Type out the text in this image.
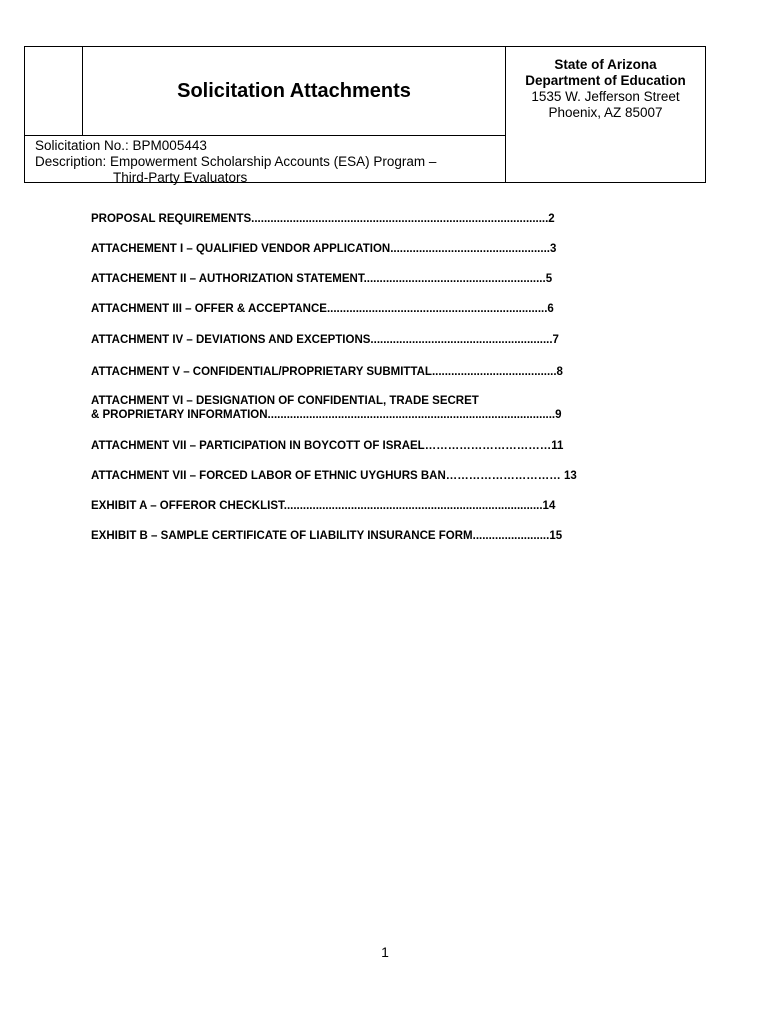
Solicitation Attachments
State of Arizona
Department of Education
1535 W. Jefferson Street
Phoenix, AZ 85007
Solicitation No.: BPM005443
Description: Empowerment Scholarship Accounts (ESA) Program –
Third-Party Evaluators
PROPOSAL REQUIREMENTS.............................................................................................2
ATTACHEMENT I – QUALIFIED VENDOR APPLICATION..................................................3
ATTACHEMENT II – AUTHORIZATION STATEMENT.........................................................5
ATTACHMENT III – OFFER & ACCEPTANCE.....................................................................6
ATTACHMENT IV – DEVIATIONS AND EXCEPTIONS.........................................................7
ATTACHMENT V – CONFIDENTIAL/PROPRIETARY SUBMITTAL.......................................8
ATTACHMENT VI – DESIGNATION OF CONFIDENTIAL, TRADE SECRET
& PROPRIETARY INFORMATION..........................................................................................9
ATTACHMENT VII – PARTICIPATION IN BOYCOTT OF ISRAEL……………………………11
ATTACHMENT VII – FORCED LABOR OF ETHNIC UYGHURS BAN………………………… 13
EXHIBIT A – OFFEROR CHECKLIST.................................................................................14
EXHIBIT B – SAMPLE CERTIFICATE OF LIABILITY INSURANCE FORM........................15
1
